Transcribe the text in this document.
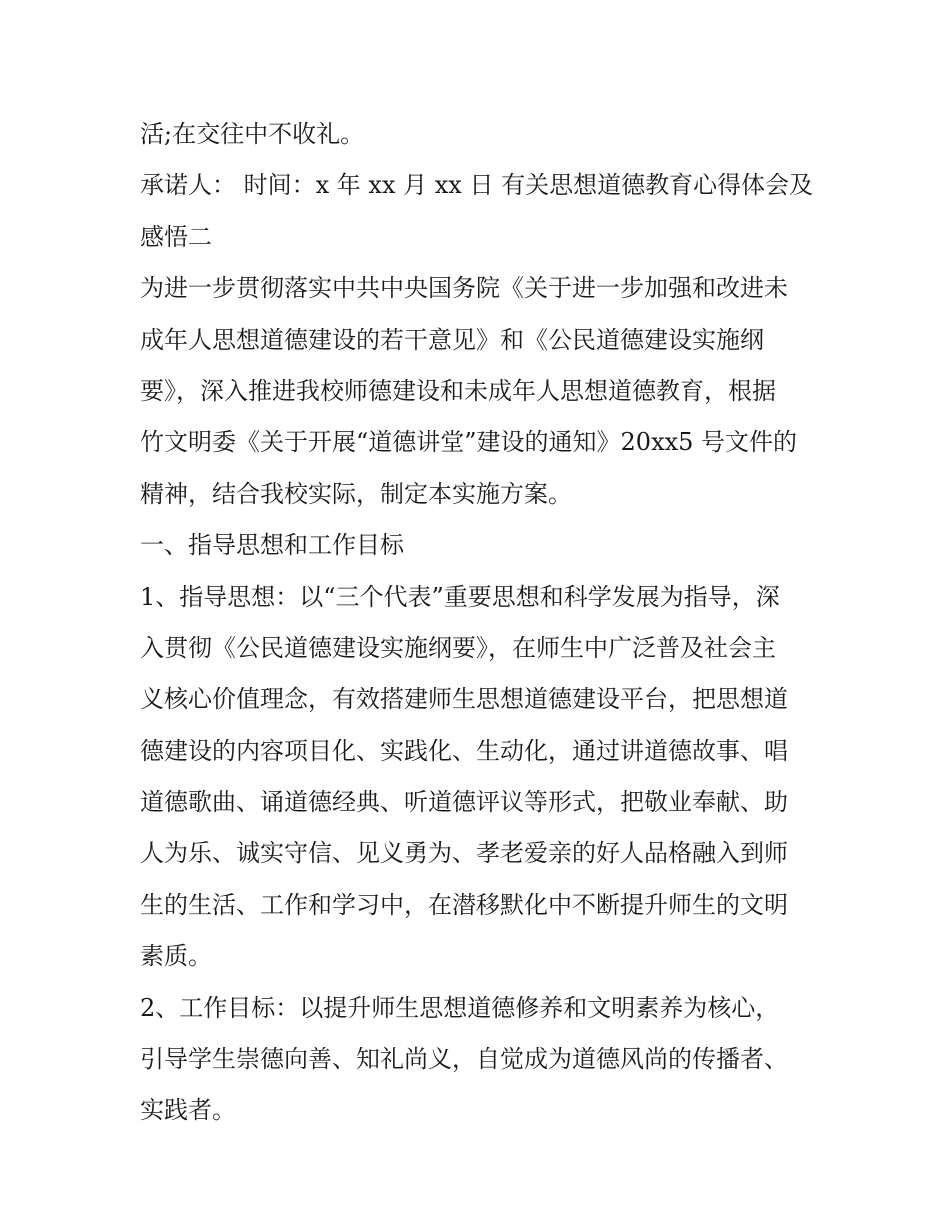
活;在交往中不收礼。
承诺人： 时间：x 年 xx 月 xx 日 有关思想道德教育心得体会及
感悟二
为进一步贯彻落实中共中央国务院《关于进一步加强和改进未
成年人思想道德建设的若干意见》和《公民道德建设实施纲
要》，深入推进我校师德建设和未成年人思想道德教育，根据
竹文明委《关于开展“道德讲堂”建设的通知》20xx5 号文件的
精神，结合我校实际，制定本实施方案。
一、指导思想和工作目标
1、指导思想：以“三个代表”重要思想和科学发展为指导，深
入贯彻《公民道德建设实施纲要》，在师生中广泛普及社会主
义核心价值理念，有效搭建师生思想道德建设平台，把思想道
德建设的内容项目化、实践化、生动化，通过讲道德故事、唱
道德歌曲、诵道德经典、听道德评议等形式，把敬业奉献、助
人为乐、诚实守信、见义勇为、孝老爱亲的好人品格融入到师
生的生活、工作和学习中，在潜移默化中不断提升师生的文明
素质。
2、工作目标：以提升师生思想道德修养和文明素养为核心，
引导学生崇德向善、知礼尚义，自觉成为道德风尚的传播者、
实践者。
